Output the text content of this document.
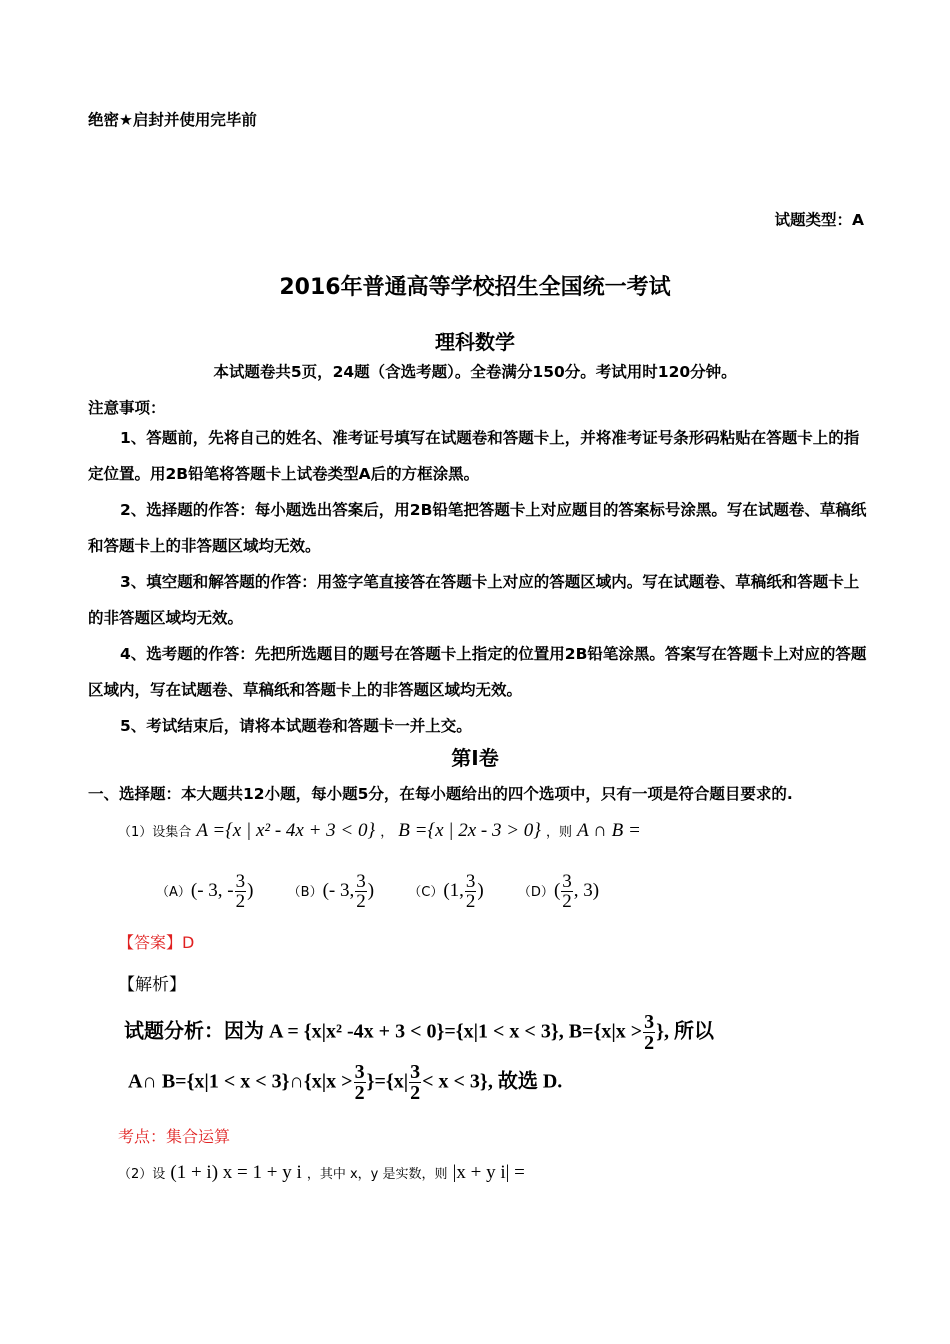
绝密★启封并使用完毕前
试题类型：A
2016年普通高等学校招生全国统一考试
理科数学
本试题卷共5页，24题（含选考题）。全卷满分150分。考试用时120分钟。
注意事项：
1、答题前，先将自己的姓名、准考证号填写在试题卷和答题卡上，并将准考证号条形码粘贴在答题卡上的指定位置。用2B铅笔将答题卡上试卷类型A后的方框涂黑。
2、选择题的作答：每小题选出答案后，用2B铅笔把答题卡上对应题目的答案标号涂黑。写在试题卷、草稿纸和答题卡上的非答题区域均无效。
3、填空题和解答题的作答：用签字笔直接答在答题卡上对应的答题区域内。写在试题卷、草稿纸和答题卡上的非答题区域均无效。
4、选考题的作答：先把所选题目的题号在答题卡上指定的位置用2B铅笔涂黑。答案写在答题卡上对应的答题区域内，写在试题卷、草稿纸和答题卡上的非答题区域均无效。
5、考试结束后，请将本试题卷和答题卡一并上交。
第Ⅰ卷
一、选择题：本大题共12小题，每小题5分，在每小题给出的四个选项中，只有一项是符合题目要求的.
（1）设集合 A ={x | x² - 4x + 3 < 0} ， B ={x | 2x - 3 > 0} ，则 A ∩ B =
（A）(- 3, - $\frac{3}{2}$ )	（B）(- 3, $\frac{3}{2}$ )	（C）(1, $\frac{3}{2}$ )	$(D)( \frac{3}{2}$ , 3)
【答案】D
【解析】
试题分析：因为 A = {x|x² -4x + 3 < 0}={x|1 < x < 3}, $B=\{x|x > \frac{3}{2}$ }, 所以
A∩ B={x|1 < x < 3}∩{x|x > $\frac{3}{2} \}=\{x| \frac{3}{2} < x < 3\}$, 故选 D.
考点：集合运算
（2）设 (1 + i) x = 1 + y i ，其中 x，y 是实数，则 |x + y i| =
